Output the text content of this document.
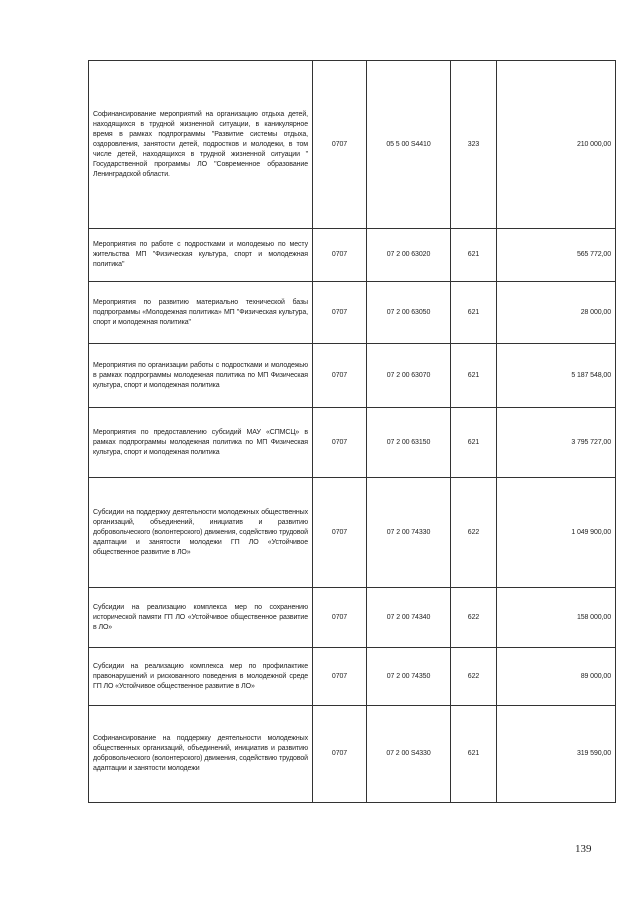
Софинансирование мероприятий на организацию отдыха детей, находящихся в трудной жизненной ситуации, в каникулярное время в рамках подпрограммы "Развитие системы отдыха, оздоровления, занятости детей, подростков и молодежи, в том числе детей, находящихся в трудной жизненной ситуации " Государственной программы ЛО "Современное образование Ленинградской области.	0707	05 5 00 S4410	323	210 000,00
Мероприятия по работе с подростками и молодежью по месту жительства МП "Физическая культура, спорт и молодежная политика"	0707	07 2 00 63020	621	565 772,00
Мероприятия по развитию материально технической базы подпрограммы «Молодежная политика» МП "Физическая культура, спорт и молодежная политика"	0707	07 2 00 63050	621	28 000,00
Мероприятия по организации работы с подростками и молодежью в рамках подпрограммы молодежная политика по МП Физическая культура, спорт и молодежная политика	0707	07 2 00 63070	621	5 187 548,00
Мероприятия по предоставлению субсидий МАУ «СПМСЦ» в рамках подпрограммы молодежная политика по МП Физическая культура, спорт и молодежная политика	0707	07 2 00 63150	621	3 795 727,00
Субсидии на поддержку деятельности молодежных общественных организаций, объединений, инициатив и развитию добровольческого (волонтерского) движения, содействию трудовой адаптации и занятости молодежи ГП ЛО «Устойчивое общественное развитие в ЛО»	0707	07 2 00 74330	622	1 049 900,00
Субсидии на реализацию комплекса мер по сохранению исторической памяти ГП ЛО «Устойчивое общественное развитие в ЛО»	0707	07 2 00 74340	622	158 000,00
Субсидии на реализацию комплекса мер по профилактике правонарушений и рискованного поведения в молодежной среде ГП ЛО «Устойчивое общественное развитие в ЛО»	0707	07 2 00 74350	622	89 000,00
Софинансирование на поддержку деятельности молодежных общественных организаций, объединений, инициатив и развитию добровольческого (волонтерского) движения, содействию трудовой адаптации и занятости молодежи	0707	07 2 00 S4330	621	319 590,00
139
